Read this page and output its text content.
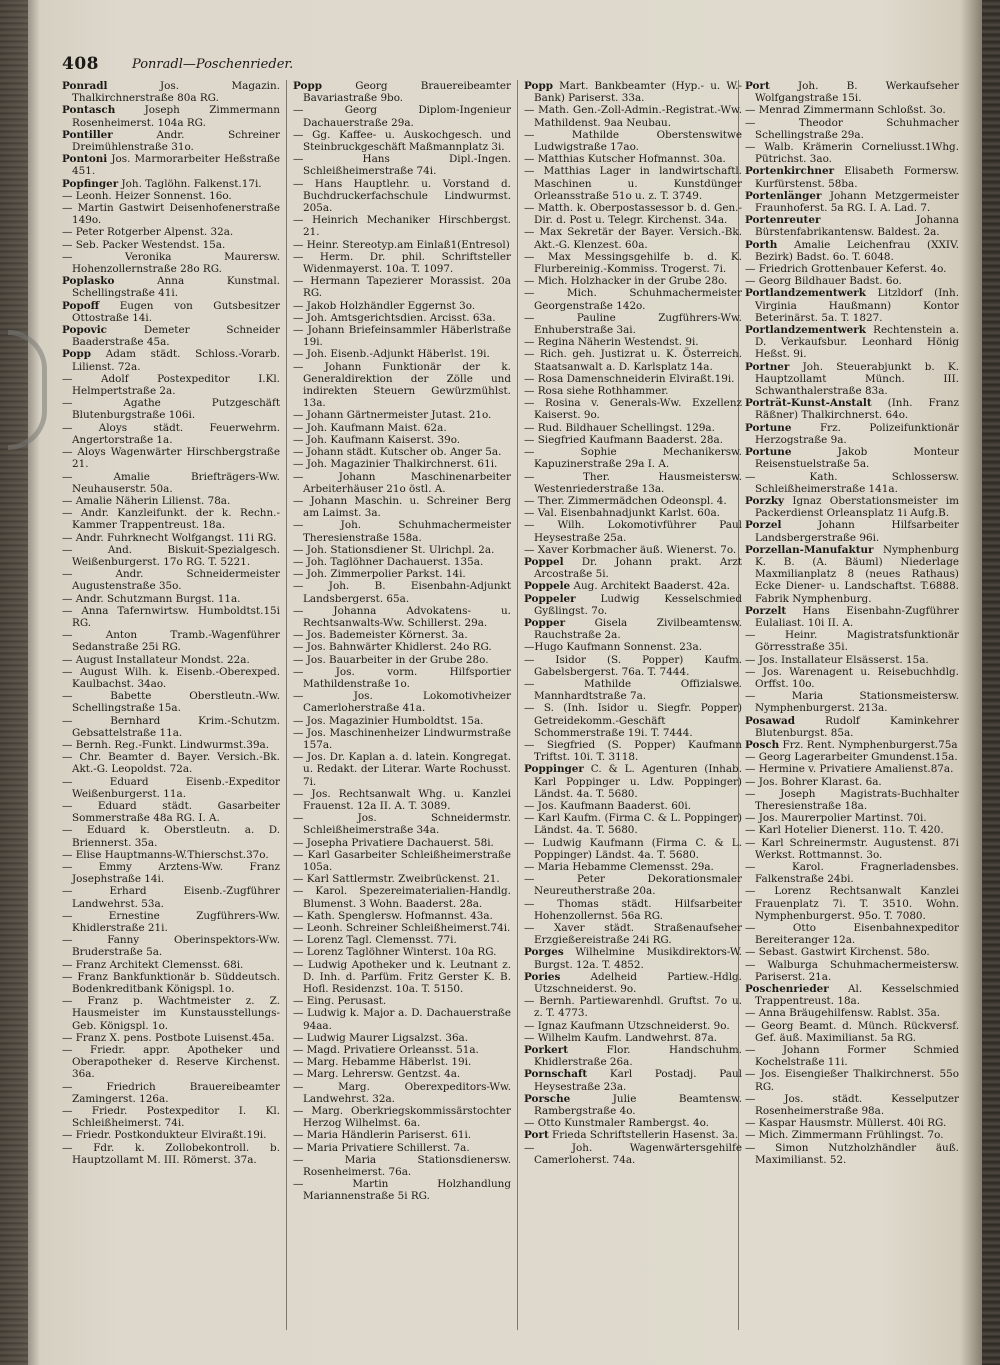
408	Ponradl—Poschenrieder.

Ponradl Jos. Magazin. Thalkirchnerstraße 80a RG.

Pontasch Joseph Zimmermann Rosenheimerst. 104a RG.

Pontiller Andr. Schreiner Dreimühlenstraße 31o.

Pontoni Jos. Marmorarbeiter Heßstraße 451.

Popfinger Joh. Taglöhn. Falkenst.17i.

— Leonh. Heizer Sonnenst. 16o.

— Martin Gastwirt Deisenhofenerstraße 149o.

— Peter Rotgerber Alpenst. 32a.

— Seb. Packer Westendst. 15a.

— Veronika Maurersw. Hohenzollernstraße 28o RG.

Poplasko Anna Kunstmal. Schellingstraße 41i.

Popoff Eugen von Gutsbesitzer Ottostraße 14i.

Popovic Demeter Schneider Baaderstraße 45a.

Popp Adam städt. Schloss.-Vorarb. Lilienst. 72a.

— Adolf Postexpeditor I.Kl. Helmpertstraße 2a.

— Agathe Putzgeschäft Blutenburgstraße 106i.

— Aloys städt. Feuerwehrm. Angertorstraße 1a.

— Aloys Wagenwärter Hirschbergstraße 21.

— Amalie Briefträgers-Ww. Neuhauserstr. 50a.

— Amalie Näherin Lilienst. 78a.

— Andr. Kanzleifunkt. der k. Rechn.-Kammer Trappentreust. 18a.

— Andr. Fuhrknecht Wolfgangst. 11i RG.

— And. Biskuit-Spezialgesch. Weißenburgerst. 17o RG. T. 5221.

— Andr. Schneidermeister Augustenstraße 35o.

— Andr. Schutzmann Burgst. 11a.

— Anna Tafernwirtsw. Humboldtst.15i RG.

— Anton Tramb.-Wagenführer Sedanstraße 25i RG.

— August Installateur Mondst. 22a.

— August Wilh. k. Eisenb.-Oberexped. Kaulbachst. 34ao.

— Babette Oberstleutn.-Ww. Schellingstraße 15a.

— Bernhard Krim.-Schutzm. Gebsattelstraße 11a.

— Bernh. Reg.-Funkt. Lindwurmst.39a.

— Chr. Beamter d. Bayer. Versich.-Bk. Akt.-G. Leopoldst. 72a.

— Eduard Eisenb.-Expeditor Weißenburgerst. 11a.

— Eduard städt. Gasarbeiter Sommerstraße 48a RG. I. A.

— Eduard k. Oberstleutn. a. D. Briennerst. 35a.

— Elise Hauptmanns-W.Thierschst.37o.

— Emmy Arztens-Ww. Franz Josephstraße 14i.

— Erhard Eisenb.-Zugführer Landwehrst. 53a.

— Ernestine Zugführers-Ww. Khidlerstraße 21i.

— Fanny Oberinspektors-Ww. Bruderstraße 5a.

— Franz Architekt Clemensst. 68i.

— Franz Bankfunktionär b. Süddeutsch. Bodenkreditbank Königspl. 1o.

— Franz p. Wachtmeister z. Z. Hausmeister im Kunstausstellungs-Geb. Königspl. 1o.

— Franz X. pens. Postbote Luisenst.45a.

— Friedr. appr. Apotheker und Oberapotheker d. Reserve Kirchenst. 36a.

— Friedrich Brauereibeamter Zamingerst. 126a.

— Friedr. Postexpeditor I. Kl. Schleißheimerst. 74i.

— Friedr. Postkondukteur Elviraßt.19i.

— Fdr. k. Zollobekontroll. b. Hauptzollamt M. III. Römerst. 37a.

Popp Georg Brauereibeamter Bavariastraße 9bo.

— Georg Diplom-Ingenieur Dachauerstraße 29a.

— Gg. Kaffee- u. Auskochgesch. und Steinbruckgeschäft Maßmannplatz 3i.

— Hans Dipl.-Ingen. Schleißheimerstraße 74i.

— Hans Hauptlehr. u. Vorstand d. Buchdruckerfachschule Lindwurmst. 205a.

— Heinrich Mechaniker Hirschbergst. 21.

— Heinr. Stereotyp.am Einlaß1(Entresol)

— Herm. Dr. phil. Schriftsteller Widenmayerst. 10a. T. 1097.

— Hermann Tapezierer Morassist. 20a RG.

— Jakob Holzhändler Eggernst 3o.

— Joh. Amtsgerichtsdien. Arcisst. 63a.

— Johann Briefeinsammler Häberlstraße 19i.

— Joh. Eisenb.-Adjunkt Häberlst. 19i.

— Johann Funktionär der k. Generaldirektion der Zölle und indirekten Steuern Gewürzmühlst. 13a.

— Johann Gärtnermeister Jutast. 21o.

— Joh. Kaufmann Maist. 62a.

— Joh. Kaufmann Kaiserst. 39o.

— Johann städt. Kutscher ob. Anger 5a.

— Joh. Magazinier Thalkirchnerst. 61i.

— Johann Maschinenarbeiter Arbeiterhäuser 21o östl. A.

— Johann Maschin. u. Schreiner Berg am Laimst. 3a.

— Joh. Schuhmachermeister Theresienstraße 158a.

— Joh. Stationsdiener St. Ulrichpl. 2a.

— Joh. Taglöhner Dachauerst. 135a.

— Joh. Zimmerpolier Parkst. 14i.

— Joh. B. Eisenbahn-Adjunkt Landsbergerst. 65a.

— Johanna Advokatens- u. Rechtsanwalts-Ww. Schillerst. 29a.

— Jos. Bademeister Körnerst. 3a.

— Jos. Bahnwärter Khidlerst. 24o RG.

— Jos. Bauarbeiter in der Grube 28o.

— Jos. vorm. Hilfsportier Mathildenstraße 1o.

— Jos. Lokomotivheizer Camerloherstraße 41a.

— Jos. Magazinier Humboldtst. 15a.

— Jos. Maschinenheizer Lindwurmstraße 157a.

— Jos. Dr. Kaplan a. d. latein. Kongregat. u. Redakt. der Literar. Warte Rochusst. 7i.

— Jos. Rechtsanwalt Whg. u. Kanzlei Frauenst. 12a II. A. T. 3089.

— Jos. Schneidermstr. Schleißheimerstraße 34a.

— Josepha Privatiere Dachauerst. 58i.

— Karl Gasarbeiter Schleißheimerstraße 105a.

— Karl Sattlermstr. Zweibrückenst. 21.

— Karol. Spezereimaterialien-Handlg. Blumenst. 3 Wohn. Baaderst. 28a.

— Kath. Spenglersw. Hofmannst. 43a.

— Leonh. Schreiner Schleißheimerst.74i.

— Lorenz Tagl. Clemensst. 77i.

— Lorenz Taglöhner Winterst. 10a RG.

— Ludwig Apotheker und k. Leutnant z. D. Inh. d. Parfüm. Fritz Gerster K. B. Hofl. Residenzst. 10a. T. 5150.

— Eing. Perusast.

— Ludwig k. Major a. D. Dachauerstraße 94aa.

— Ludwig Maurer Ligsalzst. 36a.

— Magd. Privatiere Orleansst. 51a.

— Marg. Hebamme Häberlst. 19i.

— Marg. Lehrersw. Gentzst. 4a.

— Marg. Oberexpeditors-Ww. Landwehrst. 32a.

— Marg. Oberkriegskommissärstochter Herzog Wilhelmst. 6a.

— Maria Händlerin Pariserst. 61i.

— Maria Privatiere Schillerst. 7a.

— Maria Stationsdienersw. Rosenheimerst. 76a.

— Martin Holzhandlung Mariannenstraße 5i RG.

Popp Mart. Bankbeamter (Hyp.- u. W.-Bank) Pariserst. 33a.

— Math. Gen.-Zoll-Admin.-Registrat.-Ww. Mathildenst. 9aa Neubau.

— Mathilde Oberstenswitwe Ludwigstraße 17ao.

— Matthias Kutscher Hofmannst. 30a.

— Matthias Lager in landwirtschaftl. Maschinen u. Kunstdünger Orleansstraße 51o u. z. T. 3749.

— Matth. k. Oberpostassessor b. d. Gen.-Dir. d. Post u. Telegr. Kirchenst. 34a.

— Max Sekretär der Bayer. Versich.-Bk. Akt.-G. Klenzest. 60a.

— Max Messingsgehilfe b. d. K. Flurbereinig.-Kommiss. Trogerst. 7i.

— Mich. Holzhacker in der Grube 28o.

— Mich. Schuhmachermeister Georgenstraße 142o.

— Pauline Zugführers-Ww. Enhuberstraße 3ai.

— Regina Näherin Westendst. 9i.

— Rich. geh. Justizrat u. K. Österreich. Staatsanwalt a. D. Karlsplatz 14a.

— Rosa Damenschneiderin Elviraßt.19i.

— Rosa siehe Rothhammer.

— Rosina v. Generals-Ww. Exzellenz Kaiserst. 9o.

— Rud. Bildhauer Schellingst. 129a.

— Siegfried Kaufmann Baaderst. 28a.

— Sophie Mechanikersw. Kapuzinerstraße 29a I. A.

— Ther. Hausmeistersw. Westenriederstraße 13a.

— Ther. Zimmermädchen Odeonspl. 4.

— Val. Eisenbahnadjunkt Karlst. 60a.

— Wilh. Lokomotivführer Paul Heysestraße 25a.

— Xaver Korbmacher äuß. Wienerst. 7o.

Poppel Dr. Johann prakt. Arzt Arcostraße 5i.

Poppele Aug. Architekt Baaderst. 42a.

Poppeler Ludwig Kesselschmied Gyßlingst. 7o.

Popper Gisela Zivilbeamtensw. Rauchstraße 2a.

—Hugo Kaufmann Sonnenst. 23a.

— Isidor (S. Popper) Kaufm. Gabelsbergerst. 76a. T. 7444.

— Mathilde Offizialswe. Mannhardtstraße 7a.

— S. (Inh. Isidor u. Siegfr. Popper) Getreidekomm.-Geschäft Schommerstraße 19i. T. 7444.

— Siegfried (S. Popper) Kaufmann Triftst. 10i. T. 3118.

Poppinger C. & L. Agenturen (Inhab. Karl Poppinger u. Ldw. Poppinger) Ländst. 4a. T. 5680.

— Jos. Kaufmann Baaderst. 60i.

— Karl Kaufm. (Firma C. & L. Poppinger) Ländst. 4a. T. 5680.

— Ludwig Kaufmann (Firma C. & L. Poppinger) Ländst. 4a. T. 5680.

— Maria Hebamme Clemensst. 29a.

— Peter Dekorationsmaler Neureutherstraße 20a.

— Thomas städt. Hilfsarbeiter Hohenzollernst. 56a RG.

— Xaver städt. Straßenaufseher Erzgießereistraße 24i RG.

Porges Wilhelmine Musikdirektors-W. Burgst. 12a. T. 4852.

Pories Adelheid Partiew.-Hdlg. Utzschneiderst. 9o.

— Bernh. Partiewarenhdl. Gruftst. 7o u. z. T. 4773.

— Ignaz Kaufmann Utzschneiderst. 9o.

— Wilhelm Kaufm. Landwehrst. 87a.

Porkert Flor. Handschuhm. Khidlerstraße 26a.

Pornschaft Karl Postadj. Paul Heysestraße 23a.

Porsche Julie Beamtensw. Rambergstraße 4o.

— Otto Kunstmaler Rambergst. 4o.

Port Frieda Schriftstellerin Hasenst. 3a.

— Joh. Wagenwärtersgehilfe Camerloherst. 74a.

Port Joh. B. Werkaufseher Wolfgangstraße 15i.

— Menrad Zimmermann Schloßst. 3o.

— Theodor Schuhmacher Schellingstraße 29a.

— Walb. Krämerin Corneliusst.1Whg. Pütrichst. 3ao.

Portenkirchner Elisabeth Formersw. Kurfürstenst. 58ba.

Portenlänger Johann Metzgermeister Fraunhoferst. 5a RG. I. A. Lad. 7.

Portenreuter Johanna Bürstenfabrikantensw. Baldest. 2a.

Porth Amalie Leichenfrau (XXIV. Bezirk) Badst. 6o. T. 6048.

— Friedrich Grottenbauer Keferst. 4o.

— Georg Bildhauer Badst. 6o.

Portlandzementwerk Litzldorf (Inh. Virginia Haußmann) Kontor Beterinärst. 5a. T. 1827.

Portlandzementwerk Rechtenstein a. D. Verkaufsbur. Leonhard Hönig Heßst. 9i.

Portner Joh. Steuerabjunkt b. K. Hauptzollamt Münch. III. Schwanthalerstraße 83a.

Porträt-Kunst-Anstalt (Inh. Franz Räßner) Thalkirchnerst. 64o.

Portune Frz. Polizeifunktionär Herzogstraße 9a.

Portune Jakob Monteur Reisenstuelstraße 5a.

— Kath. Schlossersw. Schleißheimerstraße 141a.

Porzky Ignaz Oberstationsmeister im Packerdienst Orleansplatz 1i Aufg.B.

Porzel Johann Hilfsarbeiter Landsbergerstraße 96i.

Porzellan-Manufaktur Nymphenburg K. B. (A. Bäuml) Niederlage Maxmilianplatz 8 (neues Rathaus) Ecke Diener- u. Landschaftst. T.6888. Fabrik Nymphenburg.

Porzelt Hans Eisenbahn-Zugführer Eulaliast. 10i II. A.

— Heinr. Magistratsfunktionär Görresstraße 35i.

— Jos. Installateur Elsässerst. 15a.

— Jos. Warenagent u. Reisebuchhdlg. Orffst. 10o.

— Maria Stationsmeistersw. Nymphenburgerst. 213a.

Posawad Rudolf Kaminkehrer Blutenburgst. 85a.

Posch Frz. Rent. Nymphenburgerst.75a

— Georg Lagerarbeiter Gmundenst.15a.

— Hermine v. Privatiere Amalienst.87a.

— Jos. Bohrer Klarast. 6a.

— Joseph Magistrats-Buchhalter Theresienstraße 18a.

— Jos. Maurerpolier Martinst. 70i.

— Karl Hotelier Dienerst. 11o. T. 420.

— Karl Schreinermstr. Augustenst. 87i Werkst. Rottmannst. 3o.

— Karol. Fragnerladensbes. Falkenstraße 24bi.

— Lorenz Rechtsanwalt Kanzlei Frauenplatz 7i. T. 3510. Wohn. Nymphenburgerst. 95o. T. 7080.

— Otto Eisenbahnexpeditor Bereiteranger 12a.

— Sebast. Gastwirt Kirchenst. 58o.

— Walburga Schuhmachermeistersw. Pariserst. 21a.

Poschenrieder Al. Kesselschmied Trappentreust. 18a.

— Anna Bräugehilfensw. Rablst. 35a.

— Georg Beamt. d. Münch. Rückversf. Gef. äuß. Maximilianst. 5a RG.

— Johann Former Schmied Kochelstraße 11i.

— Jos. Eisengießer Thalkirchnerst. 55o RG.

— Jos. städt. Kesselputzer Rosenheimerstraße 98a.

— Kaspar Hausmstr. Müllerst. 40i RG.

— Mich. Zimmermann Frühlingst. 7o.

— Simon Nutzholzhändler äuß. Maximilianst. 52.
